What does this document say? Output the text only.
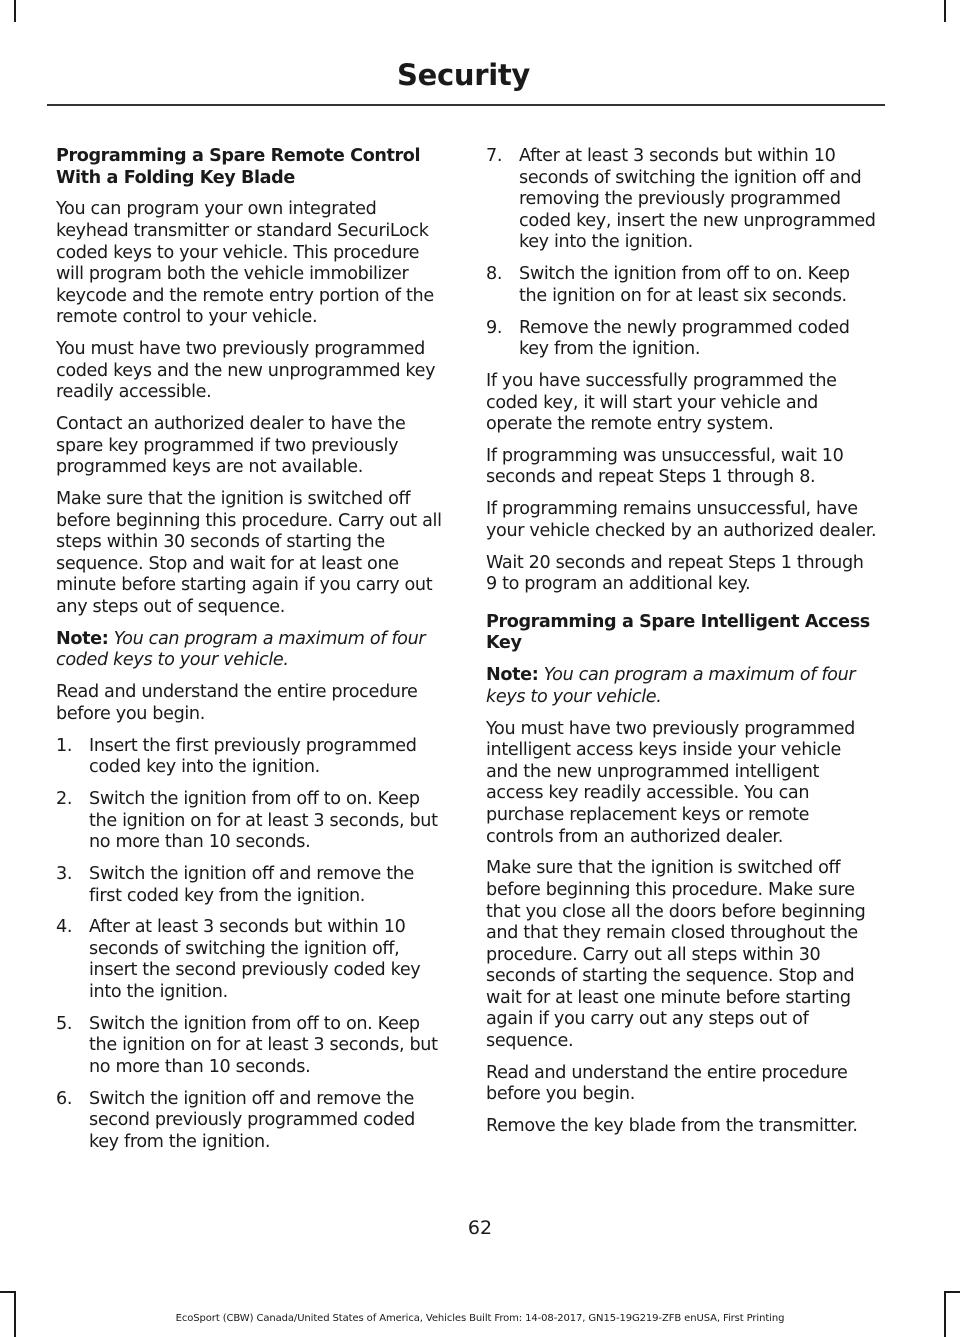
Security
Programming a Spare Remote Control With a Folding Key Blade

You can program your own integrated keyhead transmitter or standard SecuriLock coded keys to your vehicle. This procedure will program both the vehicle immobilizer keycode and the remote entry portion of the remote control to your vehicle.

You must have two previously programmed coded keys and the new unprogrammed key readily accessible.

Contact an authorized dealer to have the spare key programmed if two previously programmed keys are not available.

Make sure that the ignition is switched off before beginning this procedure. Carry out all steps within 30 seconds of starting the sequence. Stop and wait for at least one minute before starting again if you carry out any steps out of sequence.

Note: You can program a maximum of four coded keys to your vehicle.

Read and understand the entire procedure before you begin.

1. Insert the first previously programmed coded key into the ignition.
2. Switch the ignition from off to on. Keep the ignition on for at least 3 seconds, but no more than 10 seconds.
3. Switch the ignition off and remove the first coded key from the ignition.
4. After at least 3 seconds but within 10 seconds of switching the ignition off, insert the second previously coded key into the ignition.
5. Switch the ignition from off to on. Keep the ignition on for at least 3 seconds, but no more than 10 seconds.
6. Switch the ignition off and remove the second previously programmed coded key from the ignition.
7. After at least 3 seconds but within 10 seconds of switching the ignition off and removing the previously programmed coded key, insert the new unprogrammed key into the ignition.
8. Switch the ignition from off to on. Keep the ignition on for at least six seconds.
9. Remove the newly programmed coded key from the ignition.

If you have successfully programmed the coded key, it will start your vehicle and operate the remote entry system.

If programming was unsuccessful, wait 10 seconds and repeat Steps 1 through 8.

If programming remains unsuccessful, have your vehicle checked by an authorized dealer.

Wait 20 seconds and repeat Steps 1 through 9 to program an additional key.

Programming a Spare Intelligent Access Key

Note: You can program a maximum of four keys to your vehicle.

You must have two previously programmed intelligent access keys inside your vehicle and the new unprogrammed intelligent access key readily accessible. You can purchase replacement keys or remote controls from an authorized dealer.

Make sure that the ignition is switched off before beginning this procedure. Make sure that you close all the doors before beginning and that they remain closed throughout the procedure. Carry out all steps within 30 seconds of starting the sequence. Stop and wait for at least one minute before starting again if you carry out any steps out of sequence.

Read and understand the entire procedure before you begin.

Remove the key blade from the transmitter.

62
EcoSport (CBW) Canada/United States of America, Vehicles Built From: 14-08-2017, GN15-19G219-ZFB enUSA, First Printing
